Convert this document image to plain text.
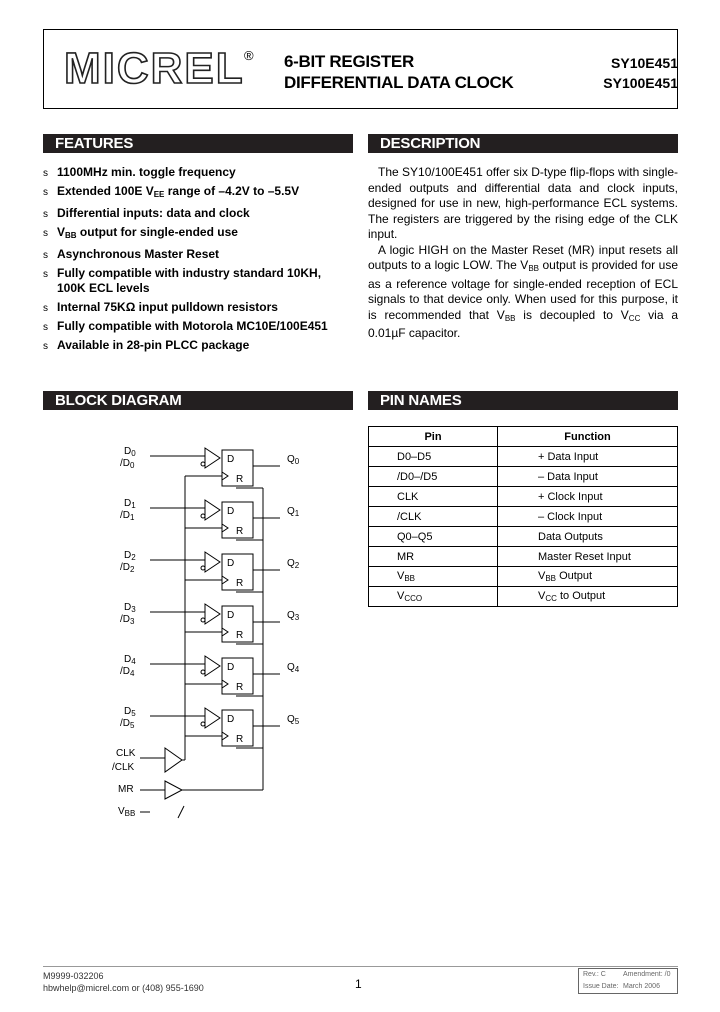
MICREL ® 6-BIT REGISTER
DIFFERENTIAL DATA CLOCK
SY10E451
SY100E451
FEATURES	DESCRIPTION
BLOCK DIAGRAM	PIN NAMES
s 1100MHz min. toggle frequency
s Extended 100E $V_{EE}$ range of –4.2V to –5.5V
s Differential inputs: data and clock
s $V_{BB}$ output for single-ended use
s Asynchronous Master Reset
s Fully compatible with industry standard 10KH,
100K ECL levels
s Internal 75KΩ input pulldown resistors
s Fully compatible with Motorola MC10E/100E451
s Available in 28-pin PLCC package

The SY10/100E451 offer six D-type flip-flops with single-ended outputs and differential data and clock inputs, designed for use in new, high-performance ECL systems. The registers are triggered by the rising edge of the CLK input.

A logic HIGH on the Master Reset (MR) input resets all outputs to a logic LOW. The $V_{BB}$ output is provided for use as a reference voltage for single-ended reception of ECL signals to that device only. When used for this purpose, it is recommended that $V_{BB}$ is decoupled to $V_{CC}$ via a 0.01µF capacitor.

Pin	Function
D0–D5	+ Data Input
/D0–/D5	– Data Input
CLK	+ Clock Input
/CLK	– Clock Input
Q0–Q5	Data Outputs
MR	Master Reset Input
$V_{BB}$	$V_{BB}$ Output
$V_{CCO}$	$V_{CC}$ to Output
$D_0$
$/D_0$
$Q_0$
D
R
$D_1$
$/D_1$
$Q_1$
D
R
$D_2$
$/D_2$
$Q_2$
D
R
$D_3$
$/D_3$
$Q_3$
D
R
$D_4$
$/D_4$
$Q_4$
D
R
$D_5$
$/D_5$
$Q_5$
D
R
CLK
/CLK
MR
$V_{BB}$
M9999-032206
hbwhelp@micrel.com or (408) 955-1690	1
Rev.: C Amendment: /0
Issue Date: March 2006
